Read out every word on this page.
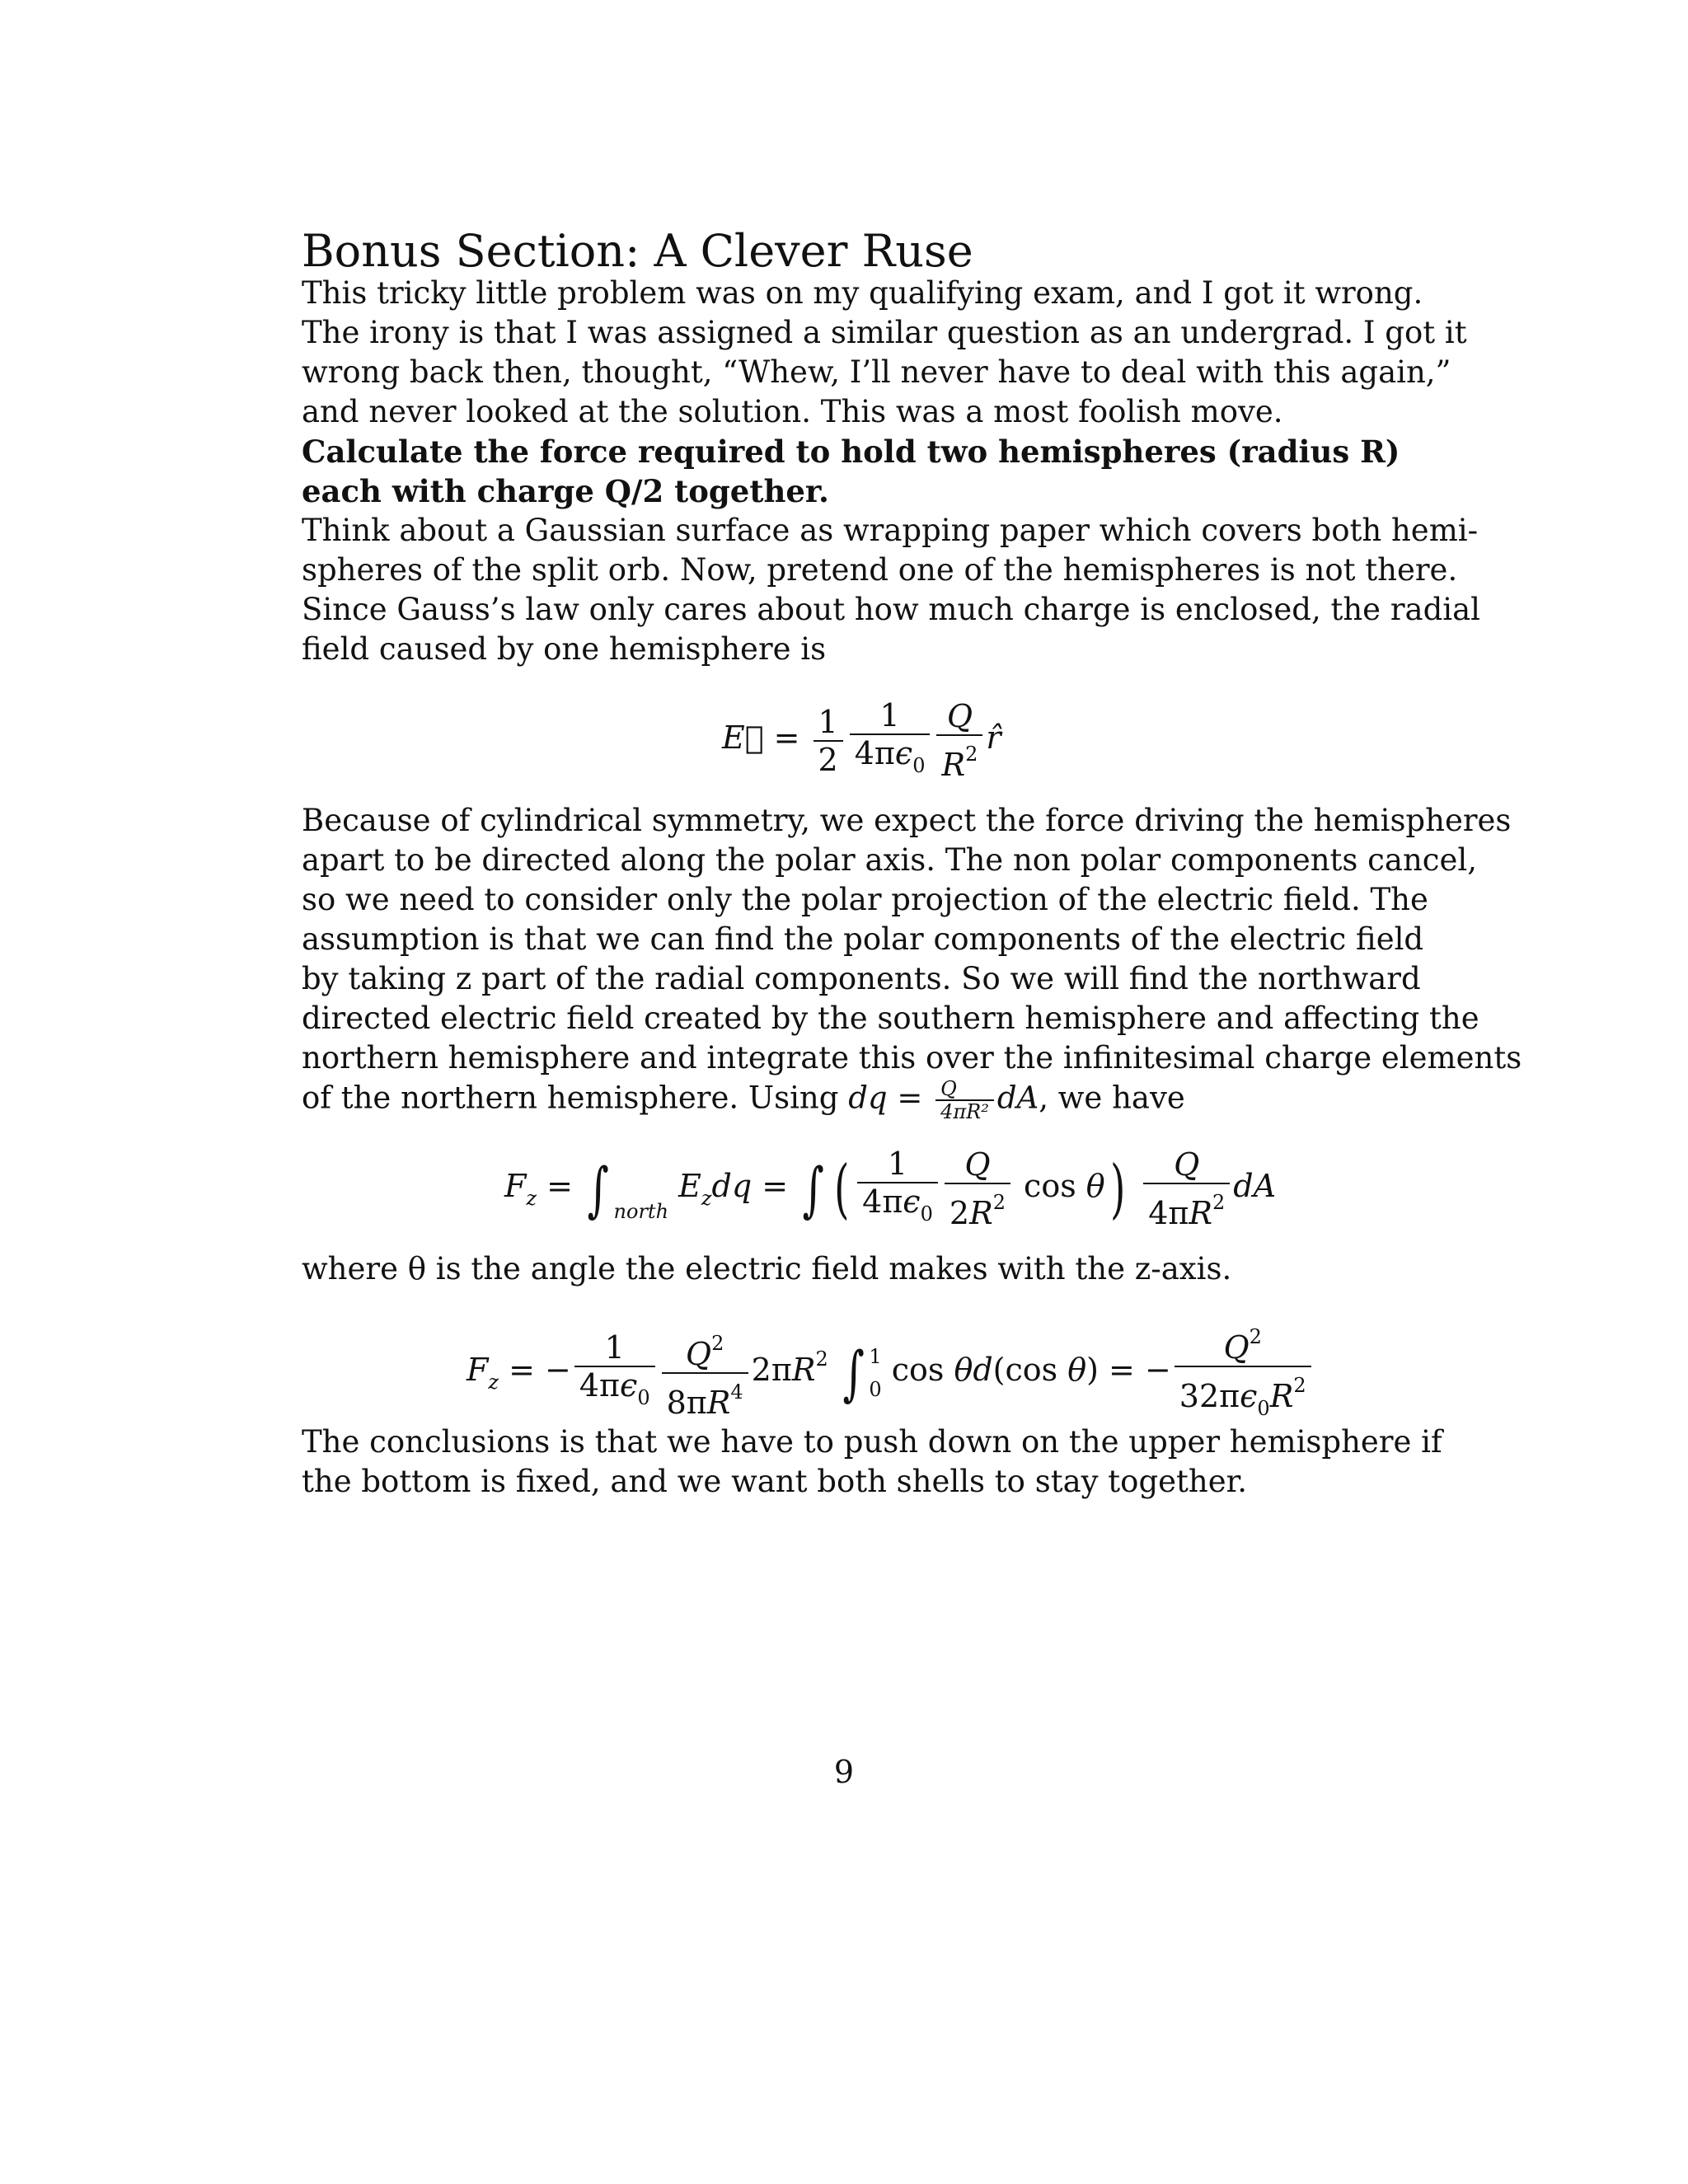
Bonus Section: A Clever Ruse
This tricky little problem was on my qualifying exam, and I got it wrong.
The irony is that I was assigned a similar question as an undergrad. I got it
wrong back then, thought, “Whew, I’ll never have to deal with this again,”
and never looked at the solution. This was a most foolish move.
Calculate the force required to hold two hemispheres (radius R)
each with charge Q/2 together.
Think about a Gaussian surface as wrapping paper which covers both hemi-
spheres of the split orb. Now, pretend one of the hemispheres is not there.
Since Gauss’s law only cares about how much charge is enclosed, the radial
field caused by one hemisphere is
E⃗ = $\frac{1}{2} \frac{1}{4\pi\epsilon_0} \frac{Q}{R^2}$ r̂
Because of cylindrical symmetry, we expect the force driving the hemispheres
apart to be directed along the polar axis. The non polar components cancel,
so we need to consider only the polar projection of the electric field. The
assumption is that we can find the polar components of the electric field
by taking z part of the radial components. So we will find the northward
directed electric field created by the southern hemisphere and affecting the
northern hemisphere and integrate this over the infinitesimal charge elements
of the northern hemisphere. Using dq = $\frac{Q}{\text{4πR²}}$ dA, we have
$F_z$ = ∫ $_{north}$ $E_zdq$ = ∫ ( $\frac{1}{4\pi\epsilon_0} \frac{Q}{2R^2}$ $\cos \theta) \frac{Q}{4\pi R^2}$ dA
where θ is the angle the electric field makes with the z-axis.
$F_z$ = − $\frac{1}{4\pi\epsilon_0} \frac{Q^2}{8\pi R^4} 2\pi R^2$ ∫ 1
0
cos θd(cos θ) = − $\frac{Q^2}{32\pi\epsilon_0R^2}$
The conclusions is that we have to push down on the upper hemisphere if
the bottom is fixed, and we want both shells to stay together.
9
